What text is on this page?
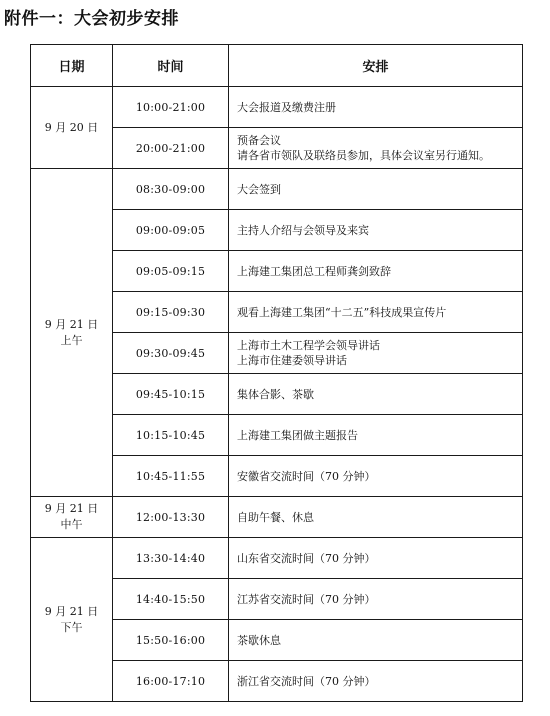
附件一：大会初步安排
日期	时间	安排

9 月 20 日	10:00-21:00	大会报道及缴费注册

	20:00-21:00	预备会议
请各省市领队及联络员参加，具体会议室另行通知。

9 月 21 日
上午	08:30-09:00	大会签到

	09:00-09:05	主持人介绍与会领导及来宾

	09:05-09:15	上海建工集团总工程师龚剑致辞

	09:15-09:30	观看上海建工集团“十二五”科技成果宣传片

	09:30-09:45	上海市土木工程学会领导讲话
上海市住建委领导讲话

	09:45-10:15	集体合影、茶歇

	10:15-10:45	上海建工集团做主题报告

	10:45-11:55	安徽省交流时间（70 分钟）

9 月 21 日
中午	12:00-13:30	自助午餐、休息

9 月 21 日
下午	13:30-14:40	山东省交流时间（70 分钟）

	14:40-15:50	江苏省交流时间（70 分钟）

	15:50-16:00	茶歇休息

	16:00-17:10	浙江省交流时间（70 分钟）
